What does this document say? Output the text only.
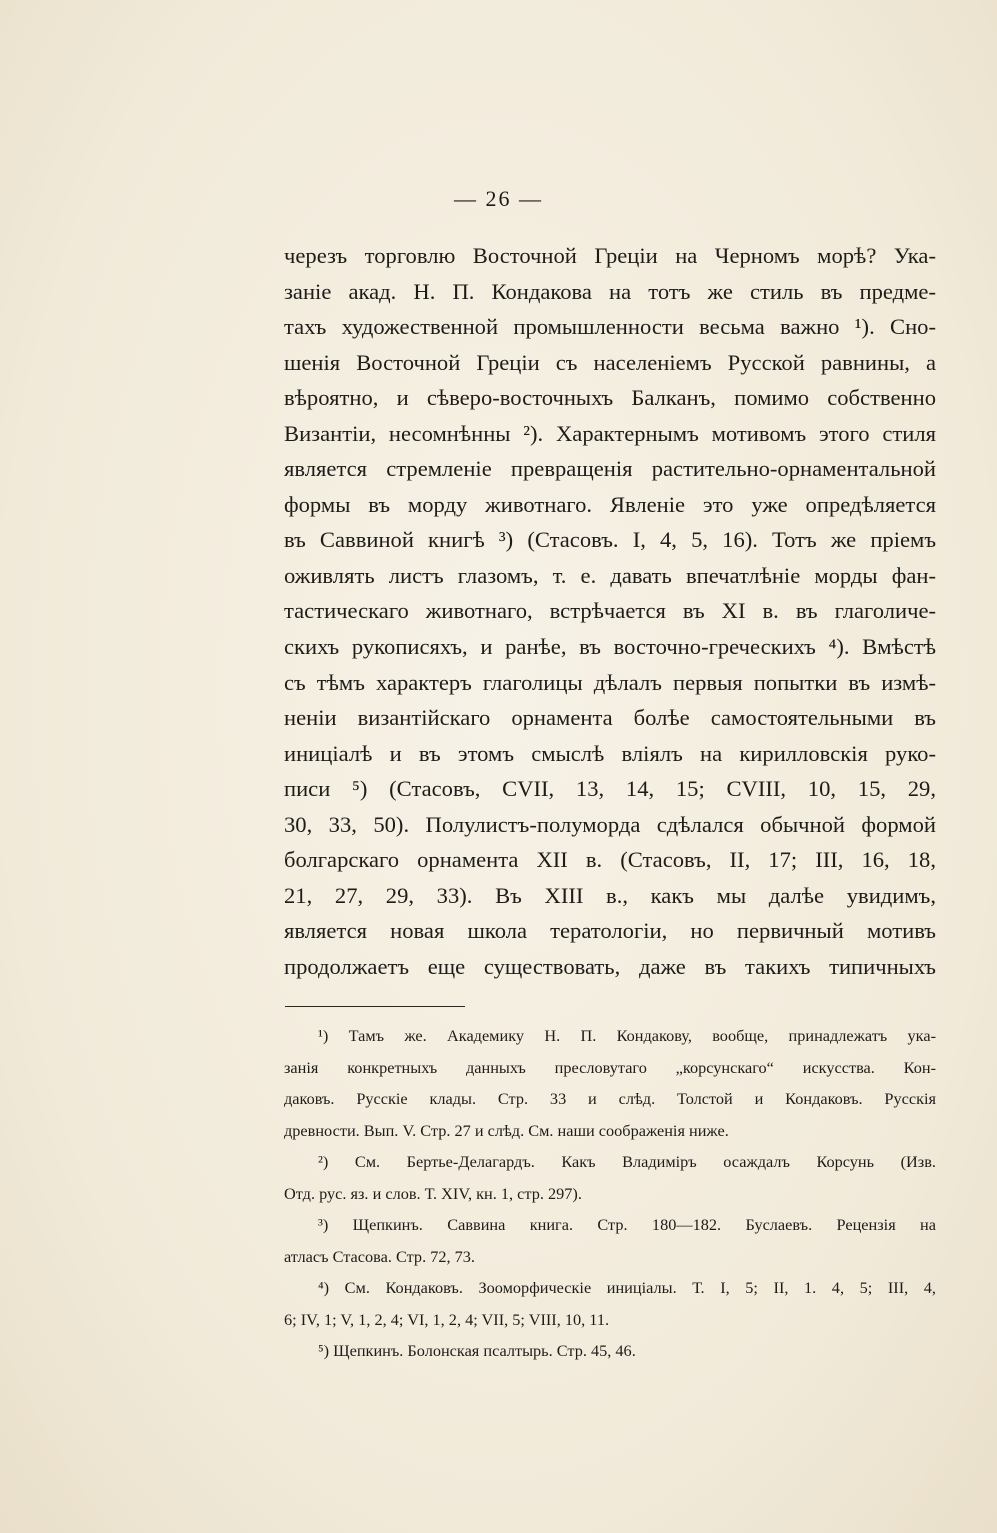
— 26 —
черезъ торговлю Восточной Греціи на Черномъ морѣ? Ука-
заніе акад. Н. П. Кондакова на тотъ же стиль въ предме-
тахъ художественной промышленности весьма важно ¹). Сно-
шенія Восточной Греціи съ населеніемъ Русской равнины, а
вѣроятно, и сѣверо-восточныхъ Балканъ, помимо собственно
Византіи, несомнѣнны ²). Характернымъ мотивомъ этого стиля
является стремленіе превращенія растительно-орнаментальной
формы въ морду животнаго. Явленіе это уже опредѣляется
въ Саввиной книгѣ ³) (Стасовъ. I, 4, 5, 16). Тотъ же пріемъ
оживлять листъ глазомъ, т. е. давать впечатлѣніе морды фан-
тастическаго животнаго, встрѣчается въ XI в. въ глаголиче-
скихъ рукописяхъ, и ранѣе, въ восточно-греческихъ ⁴). Вмѣстѣ
съ тѣмъ характеръ глаголицы дѣлалъ первыя попытки въ измѣ-
неніи византійскаго орнамента болѣе самостоятельными въ
иниціалѣ и въ этомъ смыслѣ вліялъ на кирилловскія руко-
писи ⁵) (Стасовъ, CVII, 13, 14, 15; CVIII, 10, 15, 29,
30, 33, 50). Полулистъ-полуморда сдѣлался обычной формой
болгарскаго орнамента XII в. (Стасовъ, II, 17; III, 16, 18,
21, 27, 29, 33). Въ XIII в., какъ мы далѣе увидимъ,
является новая школа тератологіи, но первичный мотивъ
продолжаетъ еще существовать, даже въ такихъ типичныхъ
¹) Тамъ же. Академику Н. П. Кондакову, вообще, принадлежатъ ука-
занія конкретныхъ данныхъ пресловутаго „корсунскаго“ искусства. Кон-
даковъ. Русскіе клады. Стр. 33 и слѣд. Толстой и Кондаковъ. Русскія
древности. Вып. V. Стр. 27 и слѣд. См. наши соображенія ниже.
²) См. Бертье-Делагардъ. Какъ Владиміръ осаждалъ Корсунь (Изв.
Отд. рус. яз. и слов. Т. XIV, кн. 1, стр. 297).
³) Щепкинъ. Саввина книга. Стр. 180—182. Буслаевъ. Рецензія на
атласъ Стасова. Стр. 72, 73.
⁴) См. Кондаковъ. Зооморфическіе иниціалы. Т. I, 5; II, 1. 4, 5; III, 4,
6; IV, 1; V, 1, 2, 4; VI, 1, 2, 4; VII, 5; VIII, 10, 11.
⁵) Щепкинъ. Болонская псалтырь. Стр. 45, 46.
